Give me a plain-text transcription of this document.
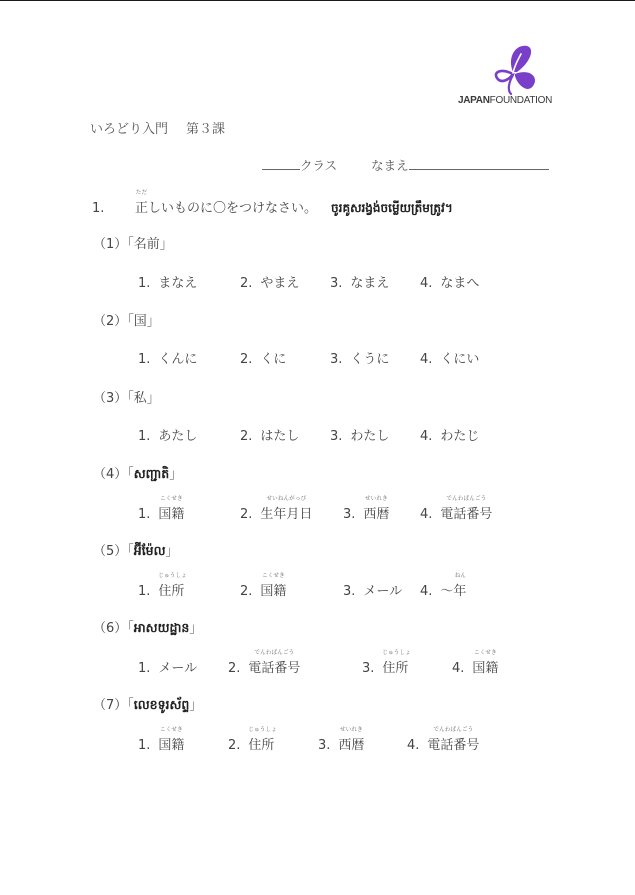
JAPANFOUNDATION
いろどり入門 第３課
クラス	なまえ
1.
ただ
正しいものに〇をつけなさい。 ចូរគូសរង្វង់ចម្លើយត្រឹមត្រូវ។
（1）「名前」
1. まなえ	2. やまえ 3. なまえ 4. なまへ
（2）「国」
1. くんに	2. くに	3. くうに 4. くにい
（3）「私」
1. あたし	2. はたし 3. わたし 4. わたじ
（4）「សញ្ជាតិ」
1.
こくせき
国籍	2.
せいねんがっぴ
生年月日 3.
せいれき
西暦 4.
でんわばんごう
電話番号
（5）「អ៊ីម៉ែល」
1.
じゅうしょ
住所	2.
こくせき
国籍	3. メール 4.
ねん
～年
（6）「អាសយដ្ឋាន」
1. メール 2.
でんわばんごう
電話番号	3.
じゅうしょ
住所	4.
こくせき
国籍
（7）「លេខទូរស័ព្ទ」
1.
こくせき
国籍	2.
じゅうしょ
住所	3.
せいれき
西暦	4.
でんわばんごう
電話番号
